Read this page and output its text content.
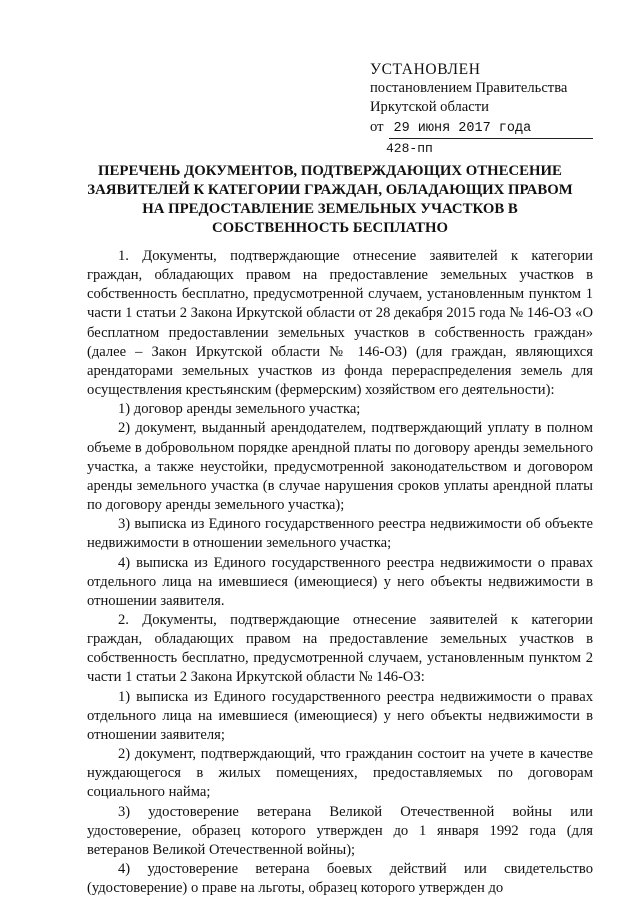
УСТАНОВЛЕН
постановлением Правительства
Иркутской области
от 29 июня 2017 года
428-пп
ПЕРЕЧЕНЬ ДОКУМЕНТОВ, ПОДТВЕРЖДАЮЩИХ ОТНЕСЕНИЕ ЗАЯВИТЕЛЕЙ К КАТЕГОРИИ ГРАЖДАН, ОБЛАДАЮЩИХ ПРАВОМ НА ПРЕДОСТАВЛЕНИЕ ЗЕМЕЛЬНЫХ УЧАСТКОВ В СОБСТВЕННОСТЬ БЕСПЛАТНО

1. Документы, подтверждающие отнесение заявителей к категории граждан, обладающих правом на предоставление земельных участков в собственность бесплатно, предусмотренной случаем, установленным пунктом 1 части 1 статьи 2 Закона Иркутской области от 28 декабря 2015 года № 146-ОЗ «О бесплатном предоставлении земельных участков в собственность граждан» (далее – Закон Иркутской области № 146-ОЗ) (для граждан, являющихся арендаторами земельных участков из фонда перераспределения земель для осуществления крестьянским (фермерским) хозяйством его деятельности):

1) договор аренды земельного участка;

2) документ, выданный арендодателем, подтверждающий уплату в полном объеме в добровольном порядке арендной платы по договору аренды земельного участка, а также неустойки, предусмотренной законодательством и договором аренды земельного участка (в случае нарушения сроков уплаты арендной платы по договору аренды земельного участка);

3) выписка из Единого государственного реестра недвижимости об объекте недвижимости в отношении земельного участка;

4) выписка из Единого государственного реестра недвижимости о правах отдельного лица на имевшиеся (имеющиеся) у него объекты недвижимости в отношении заявителя.

2. Документы, подтверждающие отнесение заявителей к категории граждан, обладающих правом на предоставление земельных участков в собственность бесплатно, предусмотренной случаем, установленным пунктом 2 части 1 статьи 2 Закона Иркутской области № 146-ОЗ:

1) выписка из Единого государственного реестра недвижимости о правах отдельного лица на имевшиеся (имеющиеся) у него объекты недвижимости в отношении заявителя;

2) документ, подтверждающий, что гражданин состоит на учете в качестве нуждающегося в жилых помещениях, предоставляемых по договорам социального найма;

3) удостоверение ветерана Великой Отечественной войны или удостоверение, образец которого утвержден до 1 января 1992 года (для ветеранов Великой Отечественной войны);

4) удостоверение ветерана боевых действий или свидетельство (удостоверение) о праве на льготы, образец которого утвержден до
